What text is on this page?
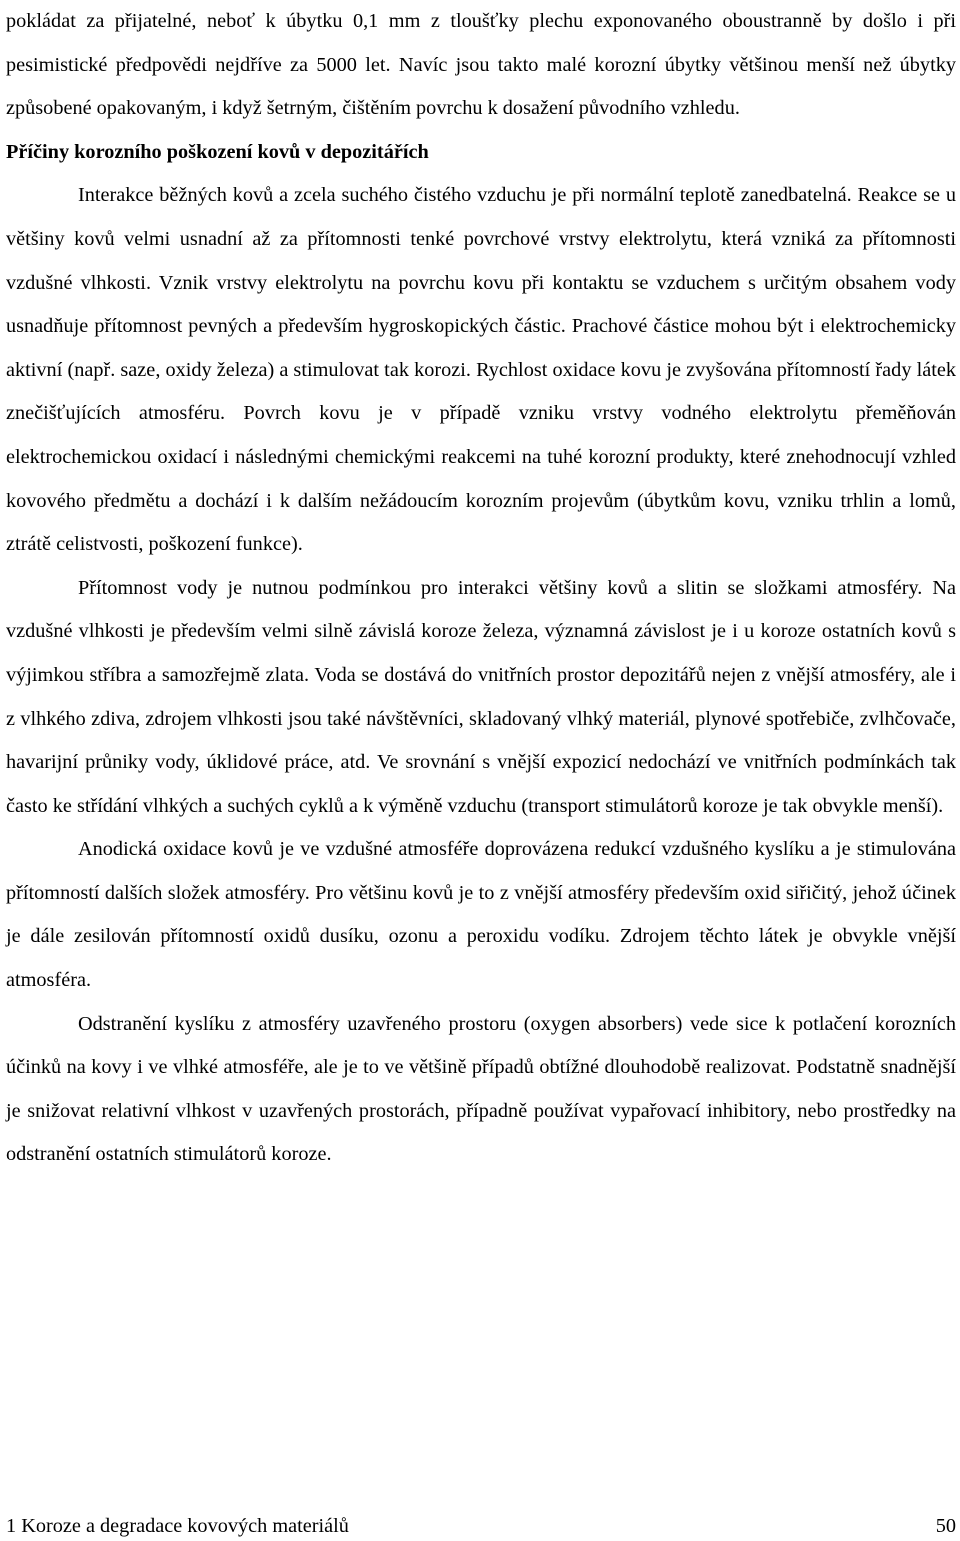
pokládat za přijatelné, neboť k úbytku 0,1 mm z tloušťky plechu exponovaného oboustranně by došlo i při pesimistické předpovědi nejdříve za 5000 let. Navíc jsou takto malé korozní úbytky většinou menší než úbytky způsobené opakovaným, i když šetrným, čištěním povrchu k dosažení původního vzhledu.

Příčiny korozního poškození kovů v depozitářích

Interakce běžných kovů a zcela suchého čistého vzduchu je při normální teplotě zanedbatelná. Reakce se u většiny kovů velmi usnadní až za přítomnosti tenké povrchové vrstvy elektrolytu, která vzniká za přítomnosti vzdušné vlhkosti. Vznik vrstvy elektrolytu na povrchu kovu při kontaktu se vzduchem s určitým obsahem vody usnadňuje přítomnost pevných a především hygroskopických částic. Prachové částice mohou být i elektrochemicky aktivní (např. saze, oxidy železa) a stimulovat tak korozi. Rychlost oxidace kovu je zvyšována přítomností řady látek znečišťujících atmosféru. Povrch kovu je v případě vzniku vrstvy vodného elektrolytu přeměňován elektrochemickou oxidací i následnými chemickými reakcemi na tuhé korozní produkty, které znehodnocují vzhled kovového předmětu a dochází i k dalším nežádoucím korozním projevům (úbytkům kovu, vzniku trhlin a lomů, ztrátě celistvosti, poškození funkce).

Přítomnost vody je nutnou podmínkou pro interakci většiny kovů a slitin se složkami atmosféry. Na vzdušné vlhkosti je především velmi silně závislá koroze železa, významná závislost je i u koroze ostatních kovů s výjimkou stříbra a samozřejmě zlata. Voda se dostává do vnitřních prostor depozitářů nejen z vnější atmosféry, ale i z vlhkého zdiva, zdrojem vlhkosti jsou také návštěvníci, skladovaný vlhký materiál, plynové spotřebiče, zvlhčovače, havarijní průniky vody, úklidové práce, atd. Ve srovnání s vnější expozicí nedochází ve vnitřních podmínkách tak často ke střídání vlhkých a suchých cyklů a k výměně vzduchu (transport stimulátorů koroze je tak obvykle menší).

Anodická oxidace kovů je ve vzdušné atmosféře doprovázena redukcí vzdušného kyslíku a je stimulována přítomností dalších složek atmosféry. Pro většinu kovů je to z vnější atmosféry především oxid siřičitý, jehož účinek je dále zesilován přítomností oxidů dusíku, ozonu a peroxidu vodíku. Zdrojem těchto látek je obvykle vnější atmosféra.

Odstranění kyslíku z atmosféry uzavřeného prostoru (oxygen absorbers) vede sice k potlačení korozních účinků na kovy i ve vlhké atmosféře, ale je to ve většině případů obtížné dlouhodobě realizovat. Podstatně snadnější je snižovat relativní vlhkost v uzavřených prostorách, případně používat vypařovací inhibitory, nebo prostředky na odstranění ostatních stimulátorů koroze.

1 Koroze a degradace kovových materiálů	50
